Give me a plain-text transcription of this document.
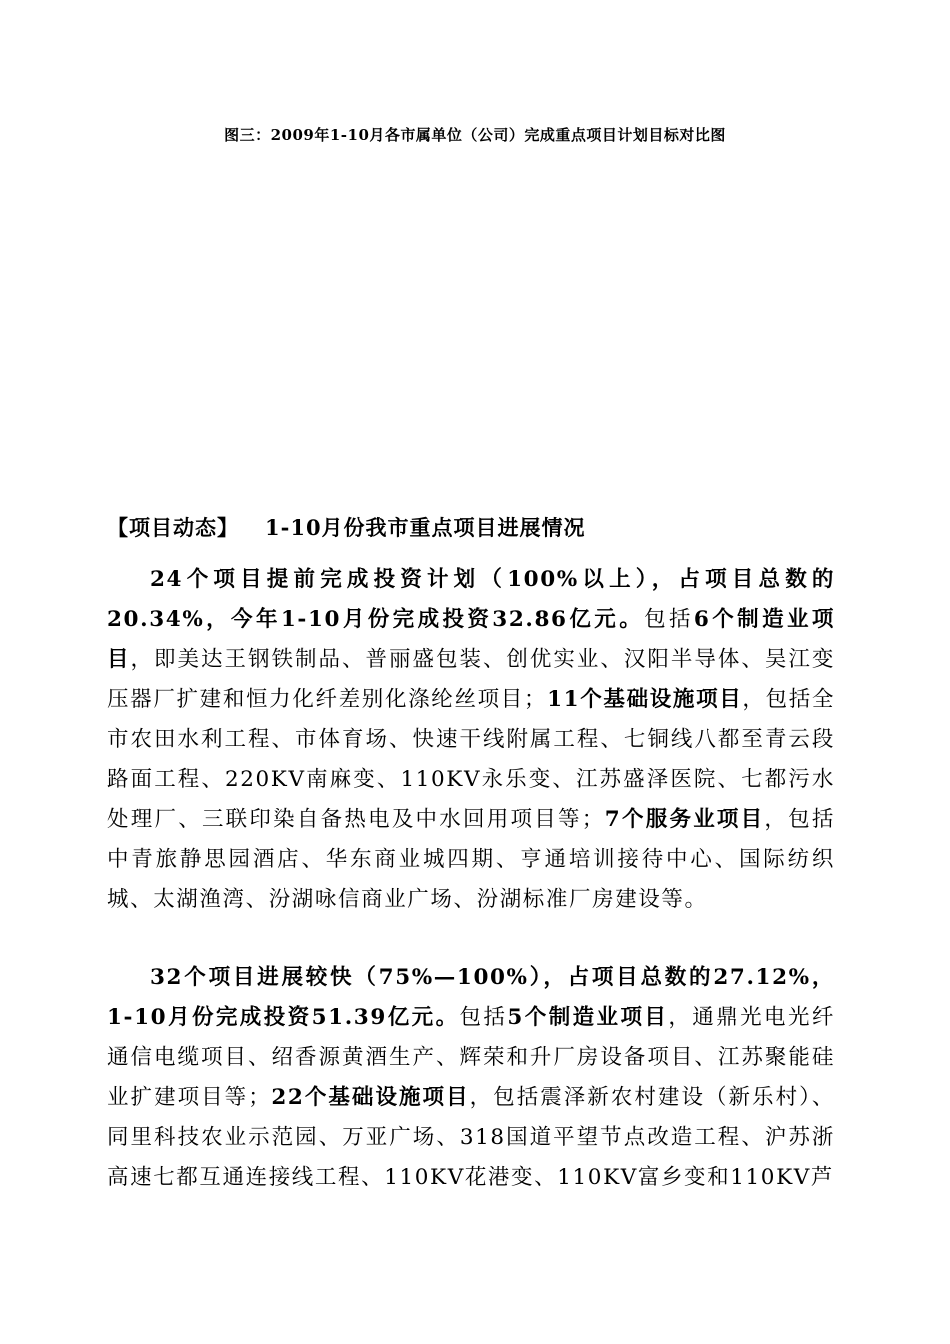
图三：2009年1-10月各市属单位（公司）完成重点项目计划目标对比图

【项目动态】 1-10月份我市重点项目进展情况

24个项目提前完成投资计划（100%以上），占项目总数的20.34%，今年1-10月份完成投资32.86亿元。包括6个制造业项目，即美达王钢铁制品、普丽盛包装、创优实业、汉阳半导体、吴江变压器厂扩建和恒力化纤差别化涤纶丝项目；11个基础设施项目，包括全市农田水利工程、市体育场、快速干线附属工程、七铜线八都至青云段路面工程、220KV南麻变、110KV永乐变、江苏盛泽医院、七都污水处理厂、三联印染自备热电及中水回用项目等；7个服务业项目，包括中青旅静思园酒店、华东商业城四期、亨通培训接待中心、国际纺织城、太湖渔湾、汾湖咏信商业广场、汾湖标准厂房建设等。

32个项目进展较快（75%—100%），占项目总数的27.12%，1-10月份完成投资51.39亿元。包括5个制造业项目，通鼎光电光纤通信电缆项目、绍香源黄酒生产、辉荣和升厂房设备项目、江苏聚能硅业扩建项目等；22个基础设施项目，包括震泽新农村建设（新乐村）、同里科技农业示范园、万亚广场、318国道平望节点改造工程、沪苏浙高速七都互通连接线工程、110KV花港变、110KV富乡变和110KV芦
